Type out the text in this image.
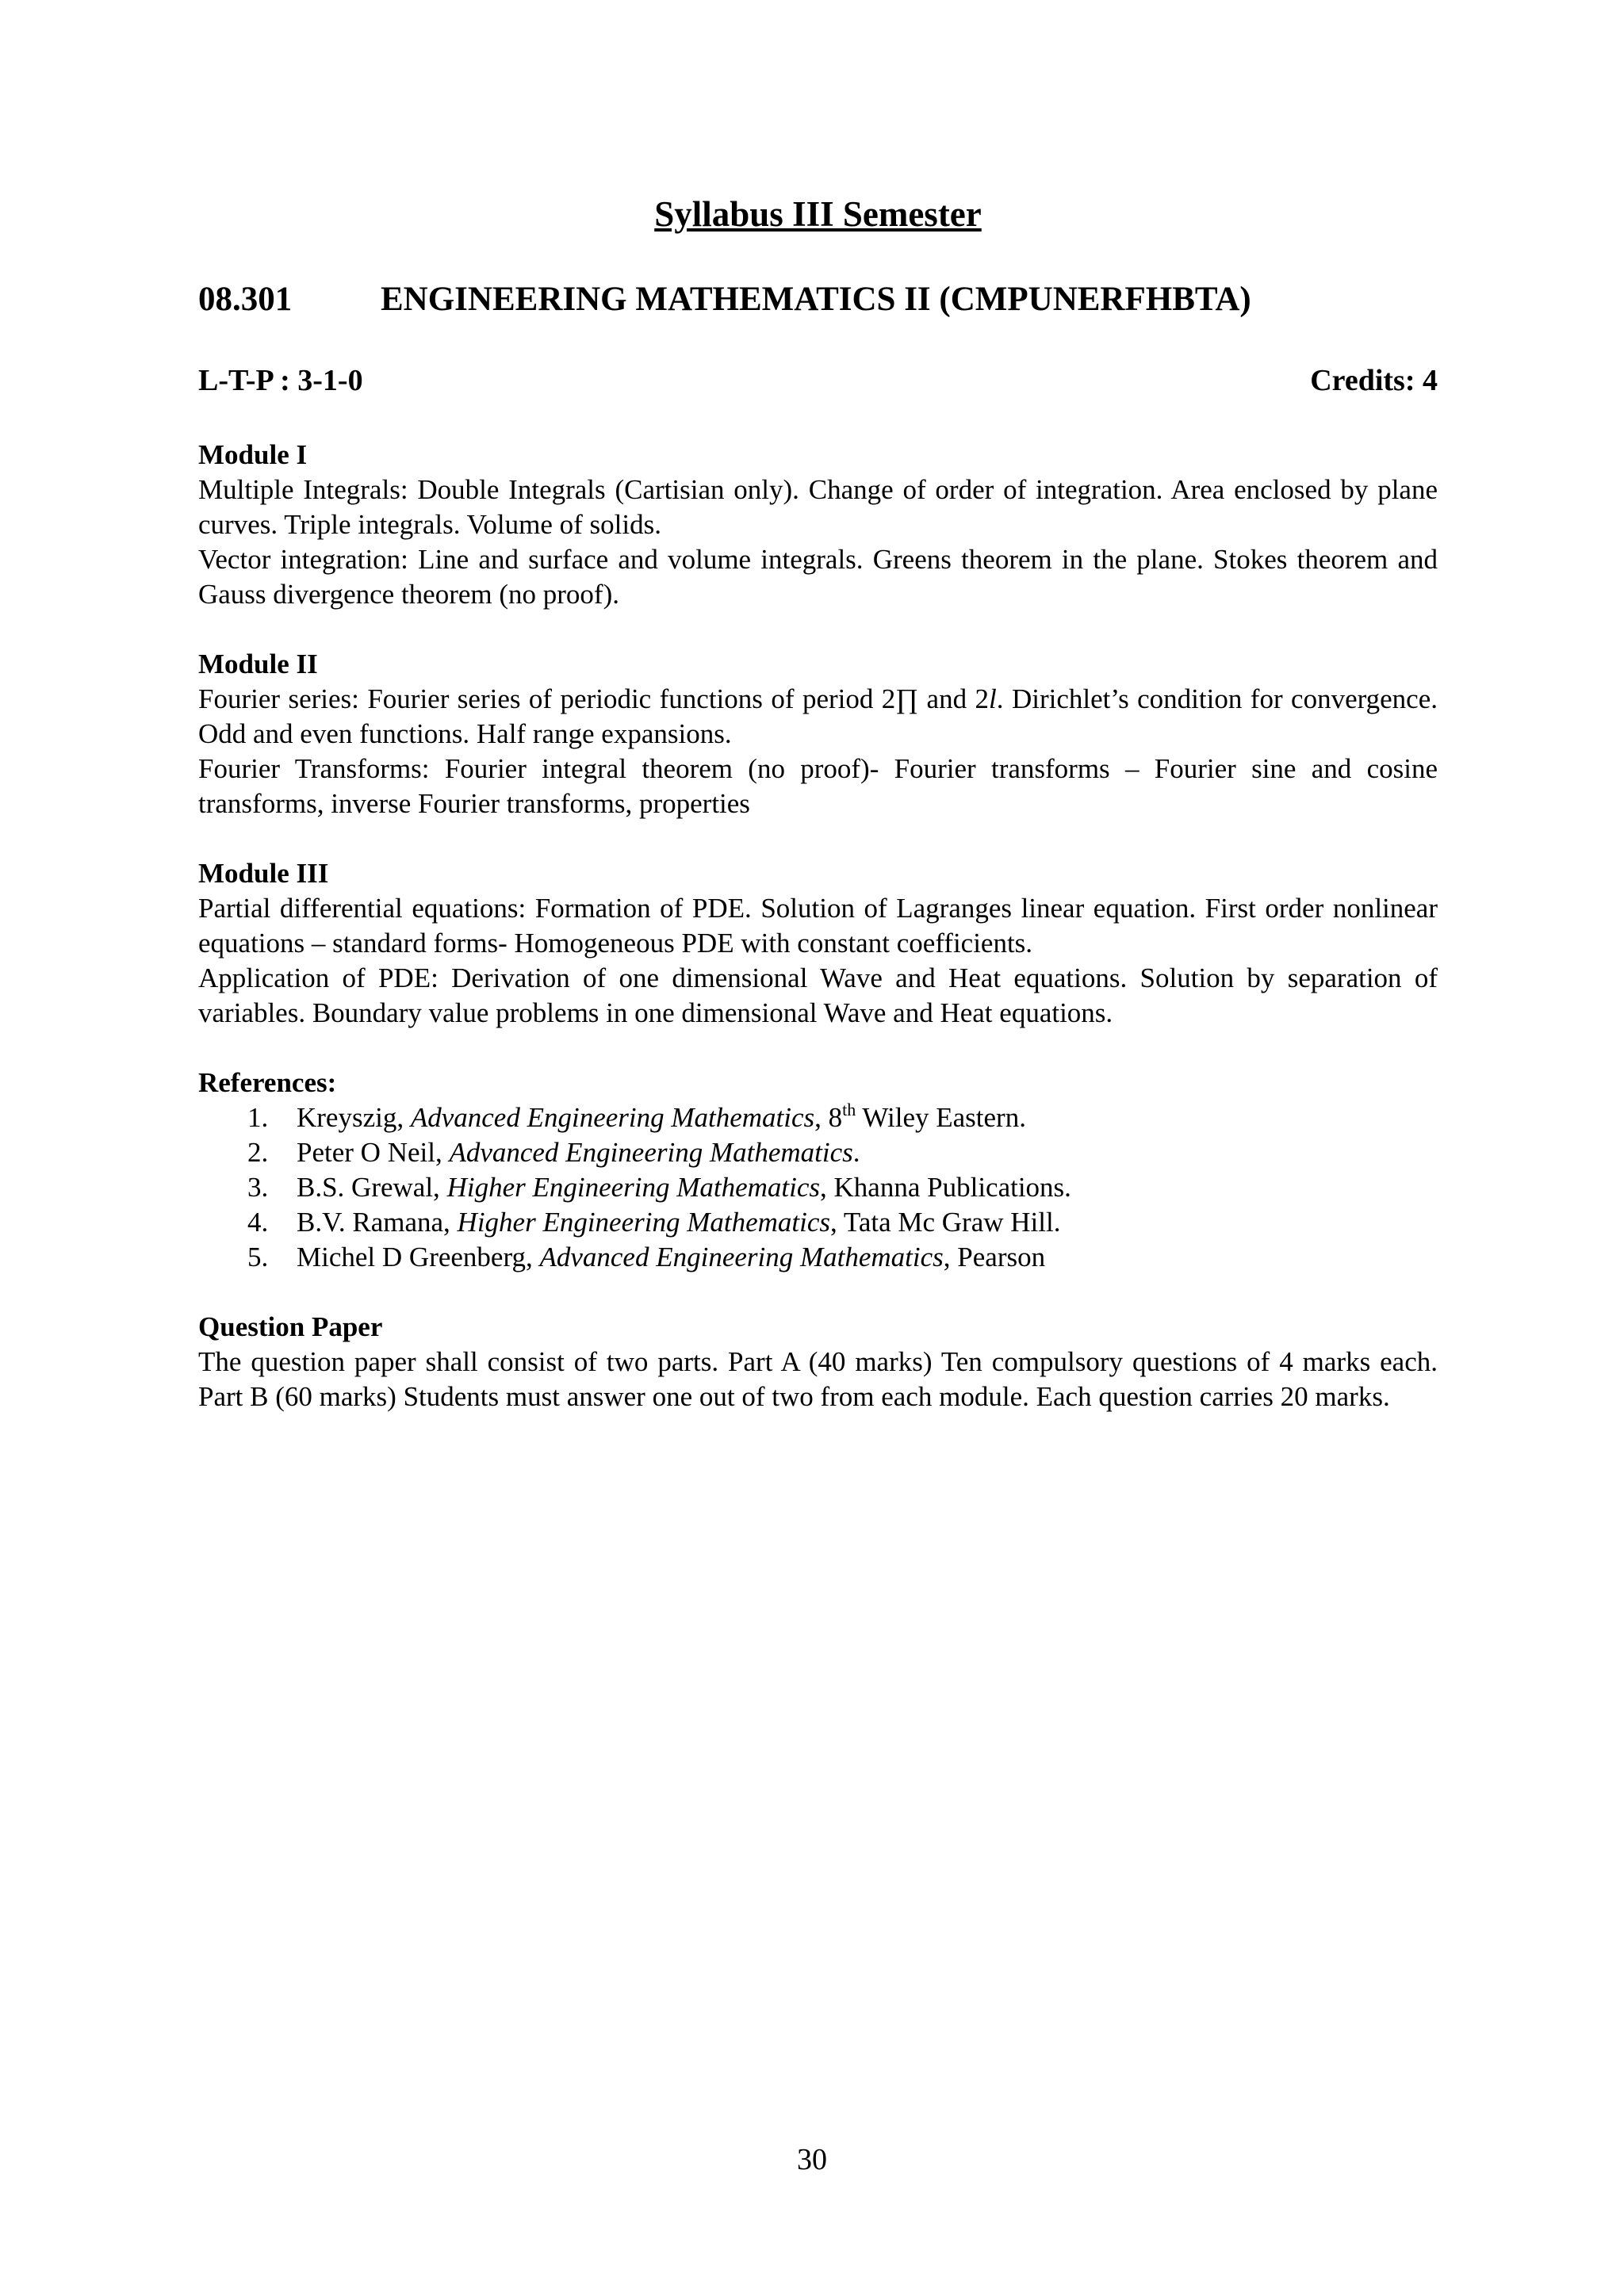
Syllabus III Semester
08.301	ENGINEERING MATHEMATICS II (CMPUNERFHBTA)
L-T-P : 3-1-0	Credits: 4

Module I

Multiple Integrals: Double Integrals (Cartisian only). Change of order of integration. Area enclosed by plane curves. Triple integrals. Volume of solids.

Vector integration: Line and surface and volume integrals. Greens theorem in the plane. Stokes theorem and Gauss divergence theorem (no proof).

Module II

Fourier series: Fourier series of periodic functions of period 2∏ and 2l. Dirichlet’s condition for convergence. Odd and even functions. Half range expansions.

Fourier Transforms: Fourier integral theorem (no proof)- Fourier transforms – Fourier sine and cosine transforms, inverse Fourier transforms, properties

Module III

Partial differential equations: Formation of PDE. Solution of Lagranges linear equation. First order nonlinear equations – standard forms- Homogeneous PDE with constant coefficients.

Application of PDE: Derivation of one dimensional Wave and Heat equations. Solution by separation of variables. Boundary value problems in one dimensional Wave and Heat equations.

References:

1.	Kreyszig, Advanced Engineering Mathematics, 8th Wiley Eastern.
2.	Peter O Neil, Advanced Engineering Mathematics.
3.	B.S. Grewal, Higher Engineering Mathematics, Khanna Publications.
4.	B.V. Ramana, Higher Engineering Mathematics, Tata Mc Graw Hill.
5.	Michel D Greenberg, Advanced Engineering Mathematics, Pearson

Question Paper

The question paper shall consist of two parts. Part A (40 marks) Ten compulsory questions of 4 marks each. Part B (60 marks) Students must answer one out of two from each module. Each question carries 20 marks.

30
